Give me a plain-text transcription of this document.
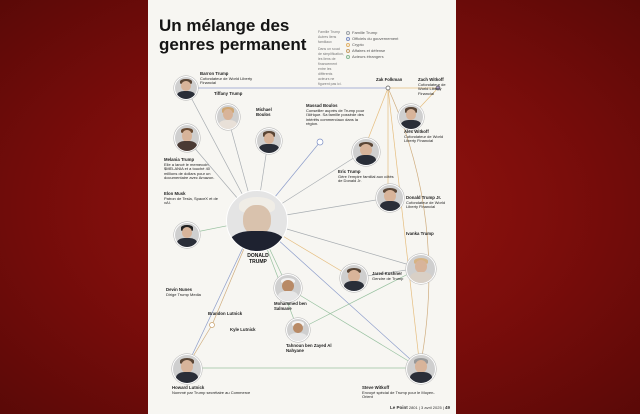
Un mélange des genres permanent
Famille Trump
Autres liens familiaux
Dans un souci de simplification, les liens de financement entre les différents acteurs ne figurent pas ici.
Famille Trump
Officiels du gouvernement
Crypto
Affaires et défense
Acteurs étrangers
Barron Trump
Cofondateur de World Liberty Financial
Tiffany Trump
Michael Boulos
Massad Boulos
Conseiller auprès de Trump pour l'Afrique. Sa famille possède des intérêts commerciaux dans la région.
Zak Folkman	Zach Witkoff
Cofondateur de World Liberty Financial
Melania Trump
Elle a lancé le memecoin $MELANIA et a touché 40 millions de dollars pour un documentaire avec Amazon.
Eric Trump
Gère l'empire familial aux côtés de Donald Jr.
Alex Witkoff
Cofondateur de World Liberty Financial
Elon Musk
Patron de Tesla, SpaceX et de xAI.
DONALD TRUMP
Donald Trump Jr.
Cofondateur de World Liberty Financial
Ivanka Trump
Jared Kushner
Gendre de Trump
Devin Nunes
Dirige Trump Media
Brandon Lutnick
Kyle Lutnick
Mohammed ben Salmane
Tahnoun ben Zayed Al Nahyane
Howard Lutnick
Nommé par Trump secrétaire au Commerce
Steve Witkoff
Envoyé spécial de Trump pour le Moyen-Orient
Le Point 2801 | 3 avril 2025 | 49
